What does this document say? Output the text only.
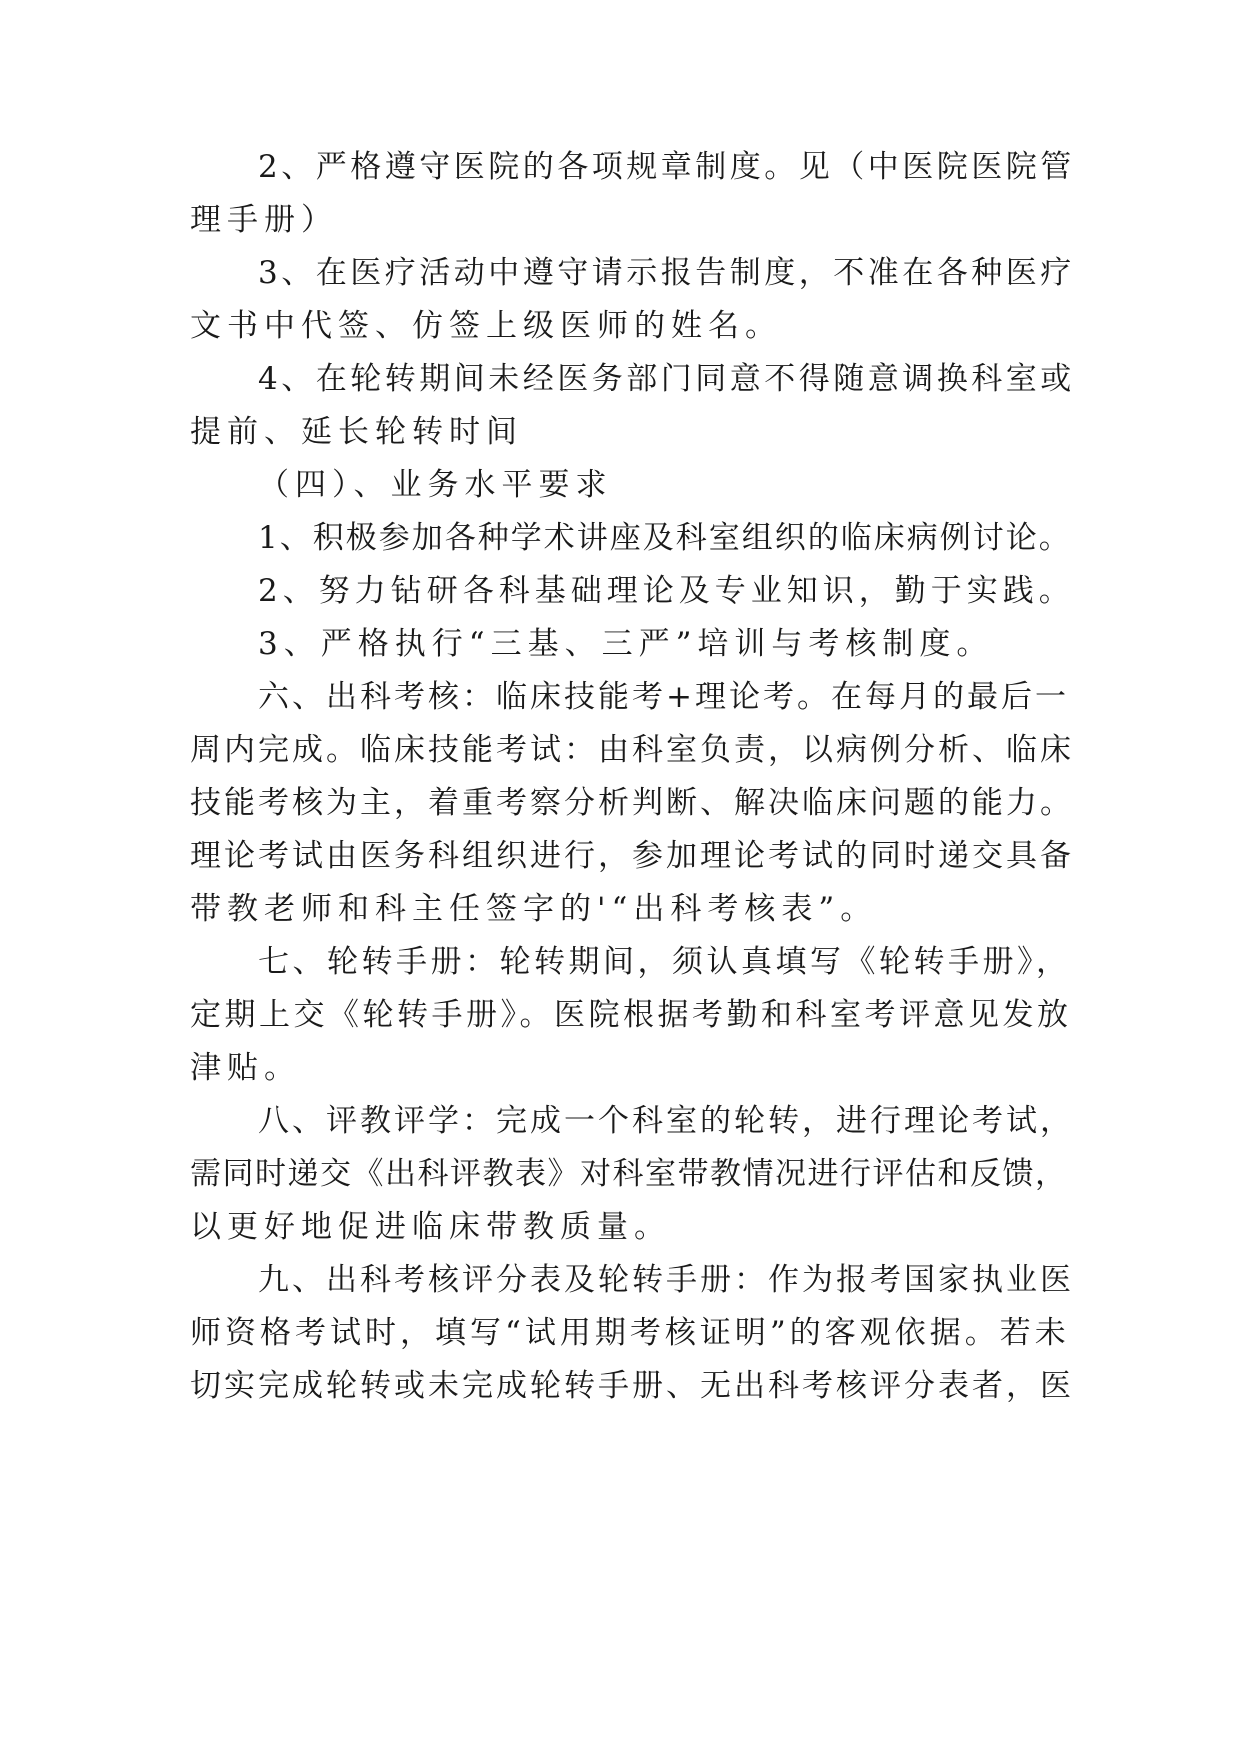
2、严格遵守医院的各项规章制度。见（中医院医院管
理手册）
3、在医疗活动中遵守请示报告制度，不准在各种医疗
文书中代签、仿签上级医师的姓名。
4、在轮转期间未经医务部门同意不得随意调换科室或
提前、延长轮转时间
（四）、业务水平要求
1、积极参加各种学术讲座及科室组织的临床病例讨论。
2、努力钻研各科基础理论及专业知识，勤于实践。
3、严格执行“三基、三严”培训与考核制度。
六、出科考核：临床技能考+理论考。在每月的最后一
周内完成。临床技能考试：由科室负责，以病例分析、临床
技能考核为主，着重考察分析判断、解决临床问题的能力。
理论考试由医务科组织进行，参加理论考试的同时递交具备
带教老师和科主任签字的'“出科考核表”。
七、轮转手册：轮转期间，须认真填写《轮转手册》，
定期上交《轮转手册》。医院根据考勤和科室考评意见发放
津贴。
八、评教评学：完成一个科室的轮转，进行理论考试，
需同时递交《出科评教表》对科室带教情况进行评估和反馈，
以更好地促进临床带教质量。
九、出科考核评分表及轮转手册：作为报考国家执业医
师资格考试时，填写“试用期考核证明”的客观依据。若未
切实完成轮转或未完成轮转手册、无出科考核评分表者，医
